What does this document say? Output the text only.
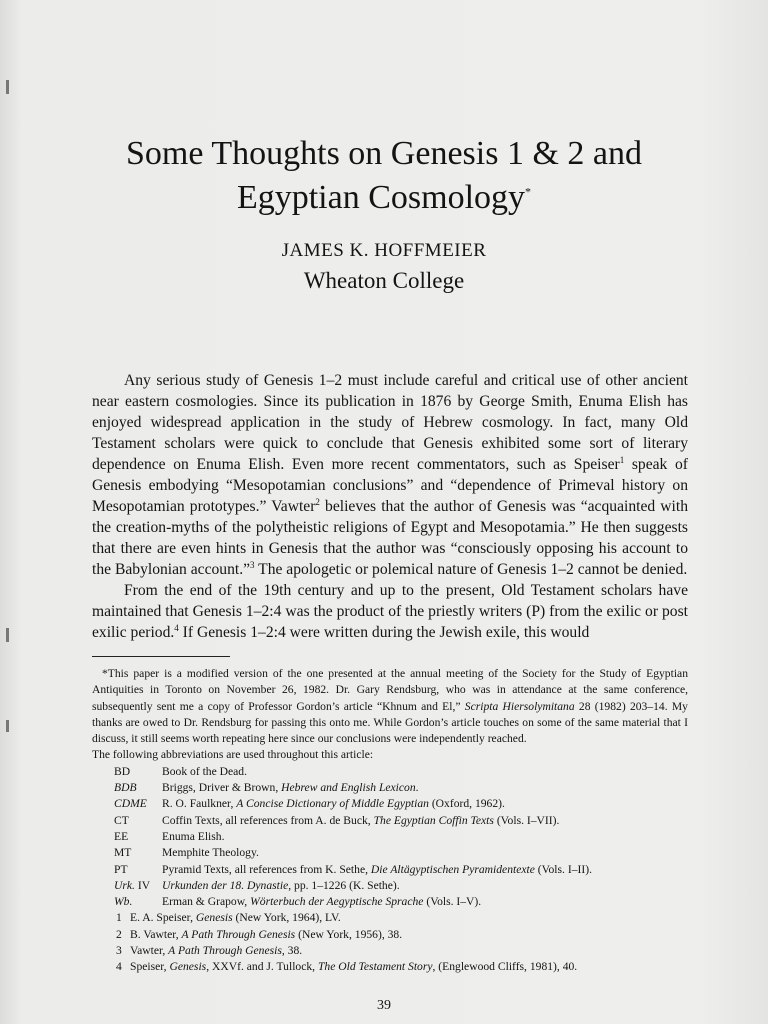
Some Thoughts on Genesis 1 & 2 and
Egyptian Cosmology*
JAMES K. HOFFMEIER
Wheaton College

Any serious study of Genesis 1–2 must include careful and critical use of other ancient near eastern cosmologies. Since its publication in 1876 by George Smith, Enuma Elish has enjoyed widespread application in the study of Hebrew cosmology. In fact, many Old Testament scholars were quick to conclude that Genesis exhibited some sort of literary dependence on Enuma Elish. Even more recent commentators, such as Speiser$^1$ speak of Genesis embodying “Mesopotamian conclusions” and “dependence of Primeval history on Mesopotamian prototypes.” Vawter$^2$ believes that the author of Genesis was “acquainted with the creation-myths of the polytheistic religions of Egypt and Mesopotamia.” He then suggests that there are even hints in Genesis that the author was “consciously opposing his account to the Babylonian account.”$^3$ The apologetic or polemical nature of Genesis 1–2 cannot be denied.

From the end of the 19th century and up to the present, Old Testament scholars have maintained that Genesis 1–2:4 was the product of the priestly writers (P) from the exilic or post exilic period.$^4$ If Genesis 1–2:4 were written during the Jewish exile, this would

*This paper is a modified version of the one presented at the annual meeting of the Society for the Study of Egyptian Antiquities in Toronto on November 26, 1982. Dr. Gary Rendsburg, who was in attendance at the same conference, subsequently sent me a copy of Professor Gordon’s article “Khnum and El,” Scripta Hiersolymitana 28 (1982) 203–14. My thanks are owed to Dr. Rendsburg for passing this onto me. While Gordon’s article touches on some of the same material that I discuss, it still seems worth repeating here since our conclusions were independently reached.

The following abbreviations are used throughout this article:

BD	Book of the Dead.
BDB	Briggs, Driver & Brown, Hebrew and English Lexicon.
CDME	R. O. Faulkner, A Concise Dictionary of Middle Egyptian (Oxford, 1962).
CT	Coffin Texts, all references from A. de Buck, The Egyptian Coffin Texts (Vols. I–VII).
EE	Enuma Elish.
MT	Memphite Theology.
PT	Pyramid Texts, all references from K. Sethe, Die Altägyptischen Pyramidentexte (Vols. I–II).
Urk. IV	Urkunden der 18. Dynastie, pp. 1–1226 (K. Sethe).
Wb.	Erman & Grapow, Wörterbuch der Aegyptische Sprache (Vols. I–V).
1 E. A. Speiser, Genesis (New York, 1964), LV.
2 B. Vawter, A Path Through Genesis (New York, 1956), 38.
3 Vawter, A Path Through Genesis, 38.
4 Speiser, Genesis, XXVf. and J. Tullock, The Old Testament Story, (Englewood Cliffs, 1981), 40.
39
